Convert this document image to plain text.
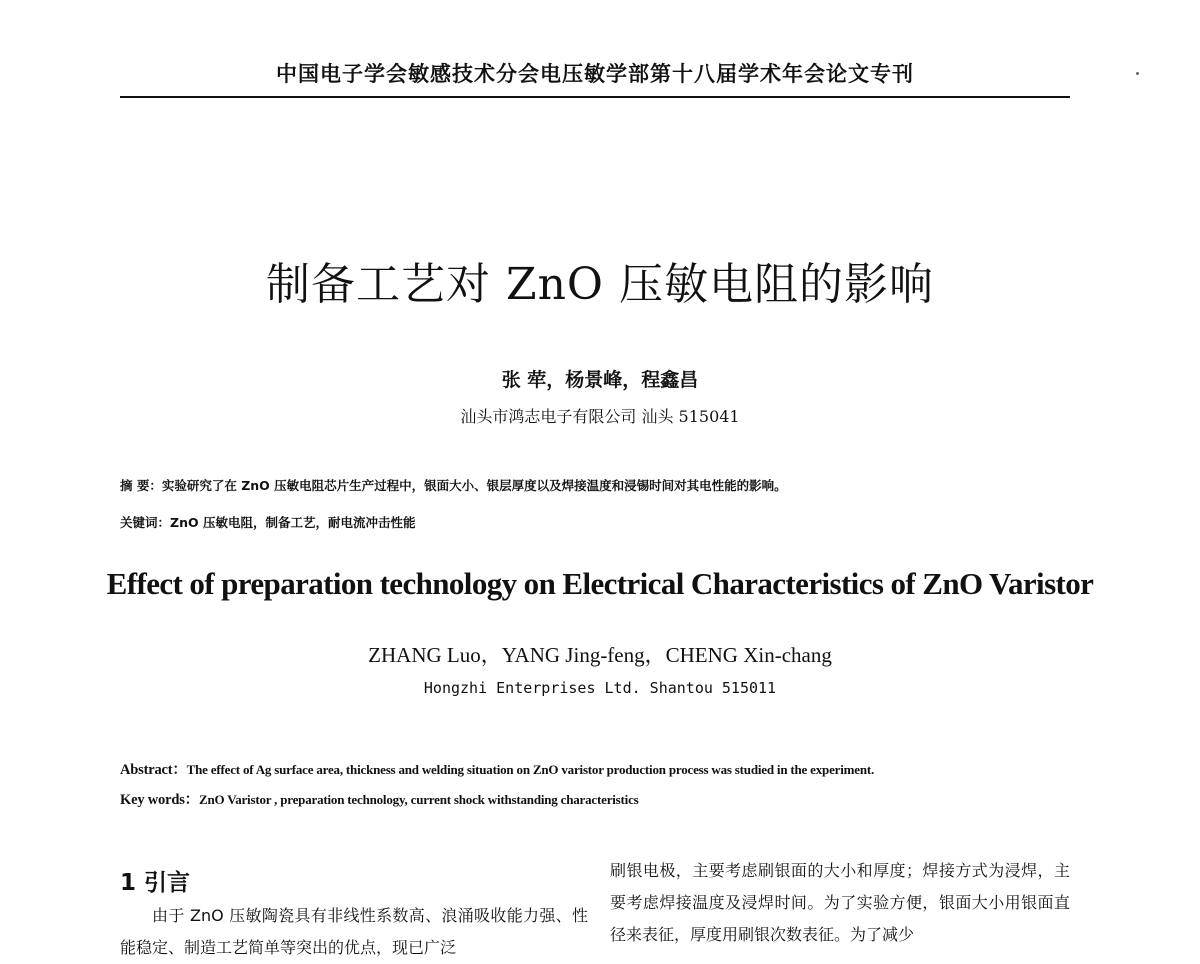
中国电子学会敏感技术分会电压敏学部第十八届学术年会论文专刊
制备工艺对 ZnO 压敏电阻的影响
张 荦，杨景峰，程鑫昌
汕头市鸿志电子有限公司 汕头 515041
摘 要：实验研究了在 ZnO 压敏电阻芯片生产过程中，银面大小、银层厚度以及焊接温度和浸锡时间对其电性能的影响。
关键词：ZnO 压敏电阻，制备工艺，耐电流冲击性能
Effect of preparation technology on Electrical Characteristics of ZnO Varistor
ZHANG Luo，YANG Jing-feng，CHENG Xin-chang
Hongzhi Enterprises Ltd. Shantou 515011
Abstract：The effect of Ag surface area, thickness and welding situation on ZnO varistor production process was studied in the experiment.
Key words：ZnO Varistor , preparation technology, current shock withstanding characteristics
1 引言
由于 ZnO 压敏陶瓷具有非线性系数高、浪涌吸收能力强、性能稳定、制造工艺简单等突出的优点，现已广泛
刷银电极，主要考虑刷银面的大小和厚度；焊接方式为浸焊，主要考虑焊接温度及浸焊时间。为了实验方便，银面大小用银面直径来表征，厚度用刷银次数表征。为了减少
